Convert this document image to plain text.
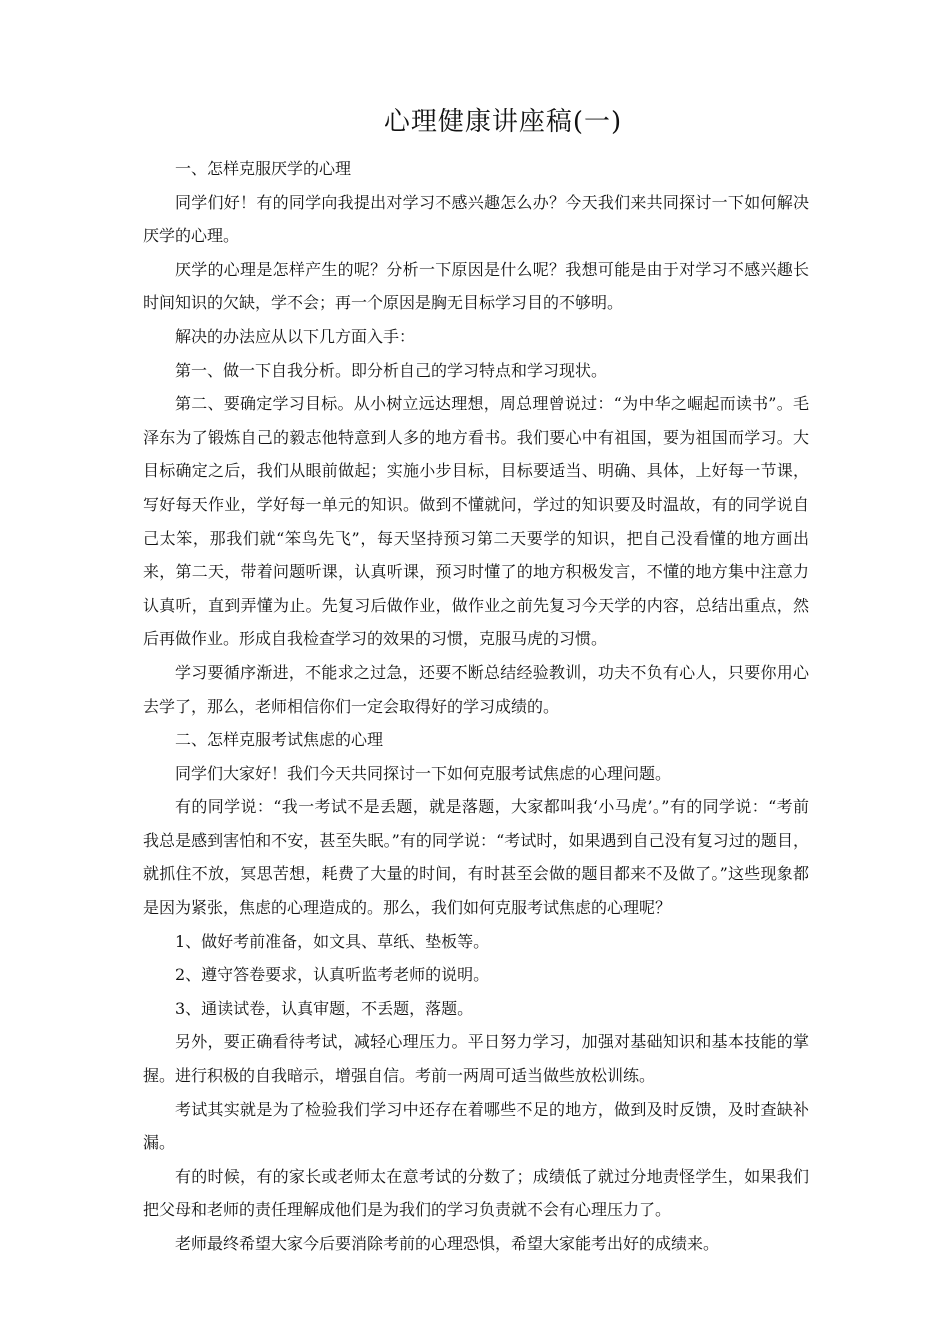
心理健康讲座稿(一)

一、怎样克服厌学的心理

同学们好！有的同学向我提出对学习不感兴趣怎么办？今天我们来共同探讨一下如何解决厌学的心理。

厌学的心理是怎样产生的呢？分析一下原因是什么呢？我想可能是由于对学习不感兴趣长时间知识的欠缺，学不会；再一个原因是胸无目标学习目的不够明。

解决的办法应从以下几方面入手：

第一、做一下自我分析。即分析自己的学习特点和学习现状。

第二、要确定学习目标。从小树立远达理想，周总理曾说过：“为中华之崛起而读书”。毛泽东为了锻炼自己的毅志他特意到人多的地方看书。我们要心中有祖国，要为祖国而学习。大目标确定之后，我们从眼前做起；实施小步目标，目标要适当、明确、具体，上好每一节课，写好每天作业，学好每一单元的知识。做到不懂就问，学过的知识要及时温故，有的同学说自己太笨，那我们就“笨鸟先飞”，每天坚持预习第二天要学的知识，把自己没看懂的地方画出来，第二天，带着问题听课，认真听课，预习时懂了的地方积极发言，不懂的地方集中注意力认真听，直到弄懂为止。先复习后做作业，做作业之前先复习今天学的内容，总结出重点，然后再做作业。形成自我检查学习的效果的习惯，克服马虎的习惯。

学习要循序渐进，不能求之过急，还要不断总结经验教训，功夫不负有心人，只要你用心去学了，那么，老师相信你们一定会取得好的学习成绩的。

二、怎样克服考试焦虑的心理

同学们大家好！我们今天共同探讨一下如何克服考试焦虑的心理问题。

有的同学说：“我一考试不是丢题，就是落题，大家都叫我‘小马虎’。”有的同学说：“考前我总是感到害怕和不安，甚至失眠。”有的同学说：“考试时，如果遇到自己没有复习过的题目，就抓住不放，冥思苦想，耗费了大量的时间，有时甚至会做的题目都来不及做了。”这些现象都是因为紧张，焦虑的心理造成的。那么，我们如何克服考试焦虑的心理呢？

1、做好考前准备，如文具、草纸、垫板等。

2、遵守答卷要求，认真听监考老师的说明。

3、通读试卷，认真审题，不丢题，落题。

另外，要正确看待考试，减轻心理压力。平日努力学习，加强对基础知识和基本技能的掌握。进行积极的自我暗示，增强自信。考前一两周可适当做些放松训练。

考试其实就是为了检验我们学习中还存在着哪些不足的地方，做到及时反馈，及时查缺补漏。

有的时候，有的家长或老师太在意考试的分数了；成绩低了就过分地责怪学生，如果我们把父母和老师的责任理解成他们是为我们的学习负责就不会有心理压力了。

老师最终希望大家今后要消除考前的心理恐惧，希望大家能考出好的成绩来。
